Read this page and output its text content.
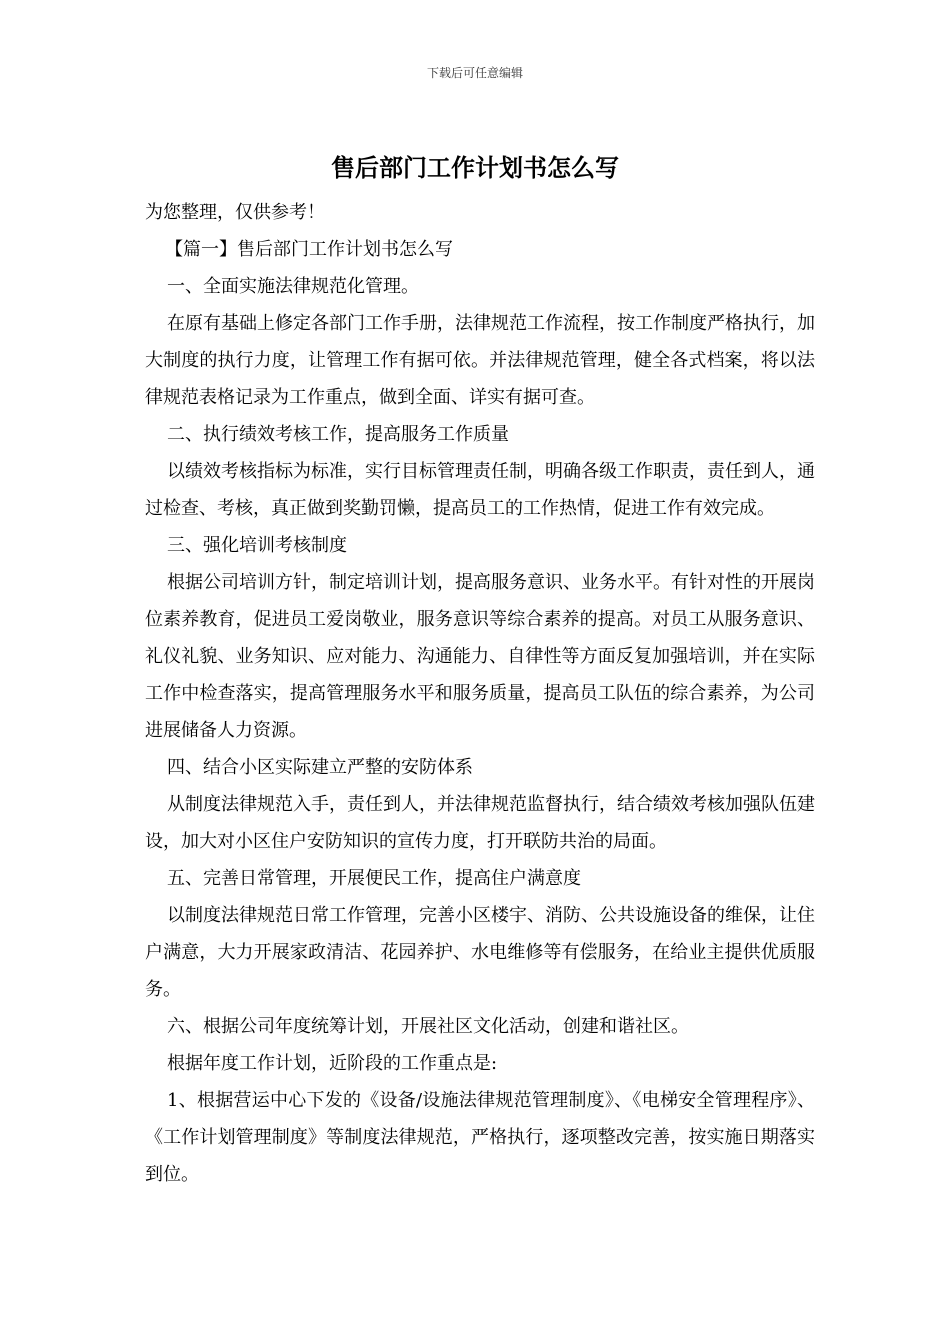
下载后可任意编辑
售后部门工作计划书怎么写

为您整理，仅供参考！

【篇一】售后部门工作计划书怎么写

一、全面实施法律规范化管理。

在原有基础上修定各部门工作手册，法律规范工作流程，按工作制度严格执行，加大制度的执行力度，让管理工作有据可依。并法律规范管理，健全各式档案，将以法律规范表格记录为工作重点，做到全面、详实有据可查。

二、执行绩效考核工作，提高服务工作质量

以绩效考核指标为标准，实行目标管理责任制，明确各级工作职责，责任到人，通过检查、考核，真正做到奖勤罚懒，提高员工的工作热情，促进工作有效完成。

三、强化培训考核制度

根据公司培训方针，制定培训计划，提高服务意识、业务水平。有针对性的开展岗位素养教育，促进员工爱岗敬业，服务意识等综合素养的提高。对员工从服务意识、礼仪礼貌、业务知识、应对能力、沟通能力、自律性等方面反复加强培训，并在实际工作中检查落实，提高管理服务水平和服务质量，提高员工队伍的综合素养，为公司进展储备人力资源。

四、结合小区实际建立严整的安防体系

从制度法律规范入手，责任到人，并法律规范监督执行，结合绩效考核加强队伍建设，加大对小区住户安防知识的宣传力度，打开联防共治的局面。

五、完善日常管理，开展便民工作，提高住户满意度

以制度法律规范日常工作管理，完善小区楼宇、消防、公共设施设备的维保，让住户满意，大力开展家政清洁、花园养护、水电维修等有偿服务，在给业主提供优质服务。

六、根据公司年度统筹计划，开展社区文化活动，创建和谐社区。

根据年度工作计划，近阶段的工作重点是:

1、根据营运中心下发的《设备/设施法律规范管理制度》、《电梯安全管理程序》、《工作计划管理制度》等制度法律规范，严格执行，逐项整改完善，按实施日期落实到位。
